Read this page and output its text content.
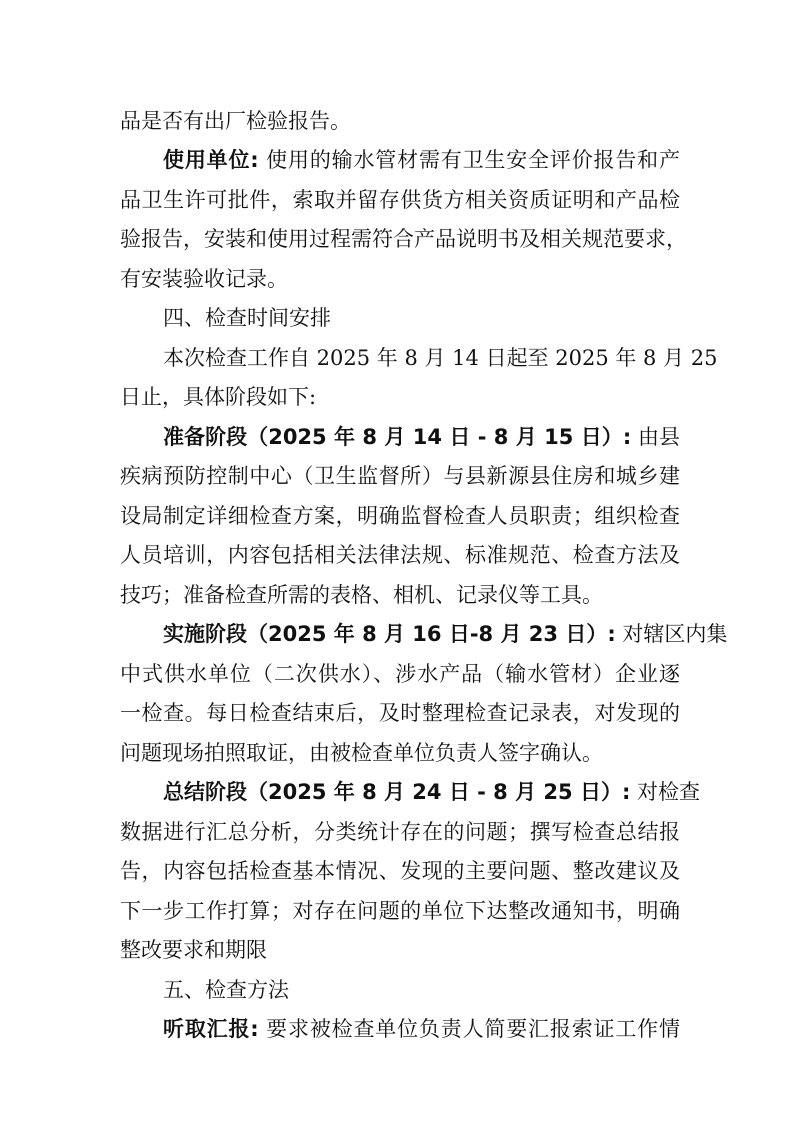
品是否有出厂检验报告。
使用单位: 使用的输水管材需有卫生安全评价报告和产
品卫生许可批件，索取并留存供货方相关资质证明和产品检
验报告，安装和使用过程需符合产品说明书及相关规范要求，
有安装验收记录。
四、检查时间安排
本次检查工作自 2025 年 8 月 14 日起至 2025 年 8 月 25
日止，具体阶段如下:
准备阶段（2025 年 8 月 14 日 - 8 月 15 日）: 由县
疾病预防控制中心（卫生监督所）与县新源县住房和城乡建
设局制定详细检查方案，明确监督检查人员职责；组织检查
人员培训，内容包括相关法律法规、标准规范、检查方法及
技巧；准备检查所需的表格、相机、记录仪等工具。
实施阶段（2025 年 8 月 16 日-8 月 23 日）: 对辖区内集
中式供水单位（二次供水）、涉水产品（输水管材）企业逐
一检查。每日检查结束后，及时整理检查记录表，对发现的
问题现场拍照取证，由被检查单位负责人签字确认。
总结阶段（2025 年 8 月 24 日 - 8 月 25 日）: 对检查
数据进行汇总分析，分类统计存在的问题；撰写检查总结报
告，内容包括检查基本情况、发现的主要问题、整改建议及
下一步工作打算；对存在问题的单位下达整改通知书，明确
整改要求和期限
五、检查方法
听取汇报: 要求被检查单位负责人简要汇报索证工作情
